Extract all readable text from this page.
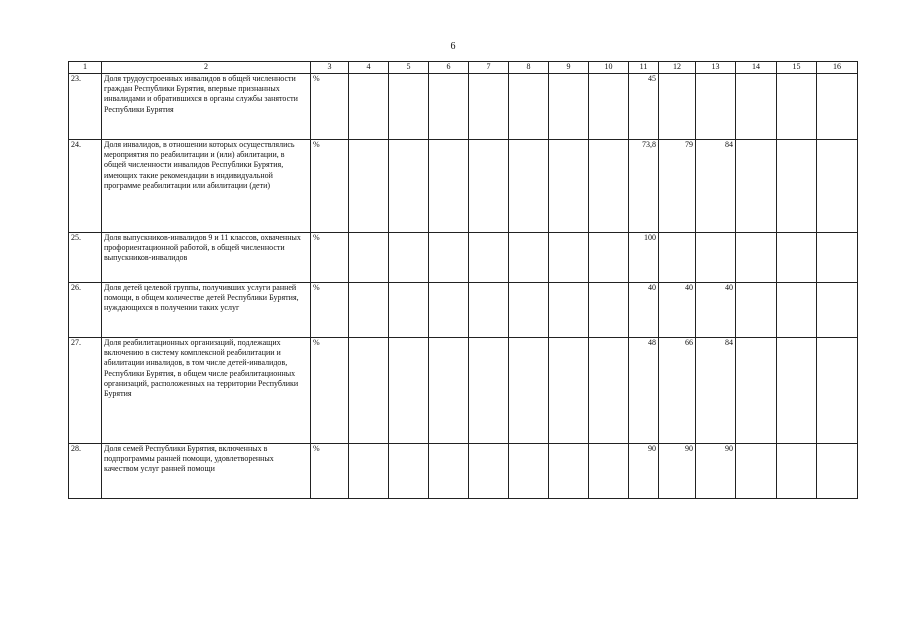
6
1	2	3	4	5	6	7	8	9	10	11	12	13	14	15	16
23.	Доля трудоустроенных инвалидов в общей численности граждан Республики Бурятия, впервые признанных инвалидами и обратившихся в органы службы занятости Республики Бурятия	%								45					
24.	Доля инвалидов, в отношении которых осуществлялись мероприятия по реабилитации и (или) абилитации, в общей численности инвалидов Республики Бурятия, имеющих такие рекомендации в индивидуальной программе реабилитации или абилитации (дети)	%								73,8	79	84			
25.	Доля выпускников-инвалидов 9 и 11 классов, охваченных профориентационной работой, в общей численности выпускников-инвалидов	%								100					
26.	Доля детей целевой группы, получивших услуги ранней помощи, в общем количестве детей Республики Бурятия, нуждающихся в получении таких услуг	%								40	40	40			
27.	Доля реабилитационных организаций, подлежащих включению в систему комплексной реабилитации и абилитации инвалидов, в том числе детей-инвалидов, Республики Бурятия, в общем числе реабилитационных организаций, расположенных на территории Республики Бурятия	%								48	66	84			
28.	Доля семей Республики Бурятия, включенных в подпрограммы ранней помощи, удовлетворенных качеством услуг ранней помощи	%								90	90	90			
